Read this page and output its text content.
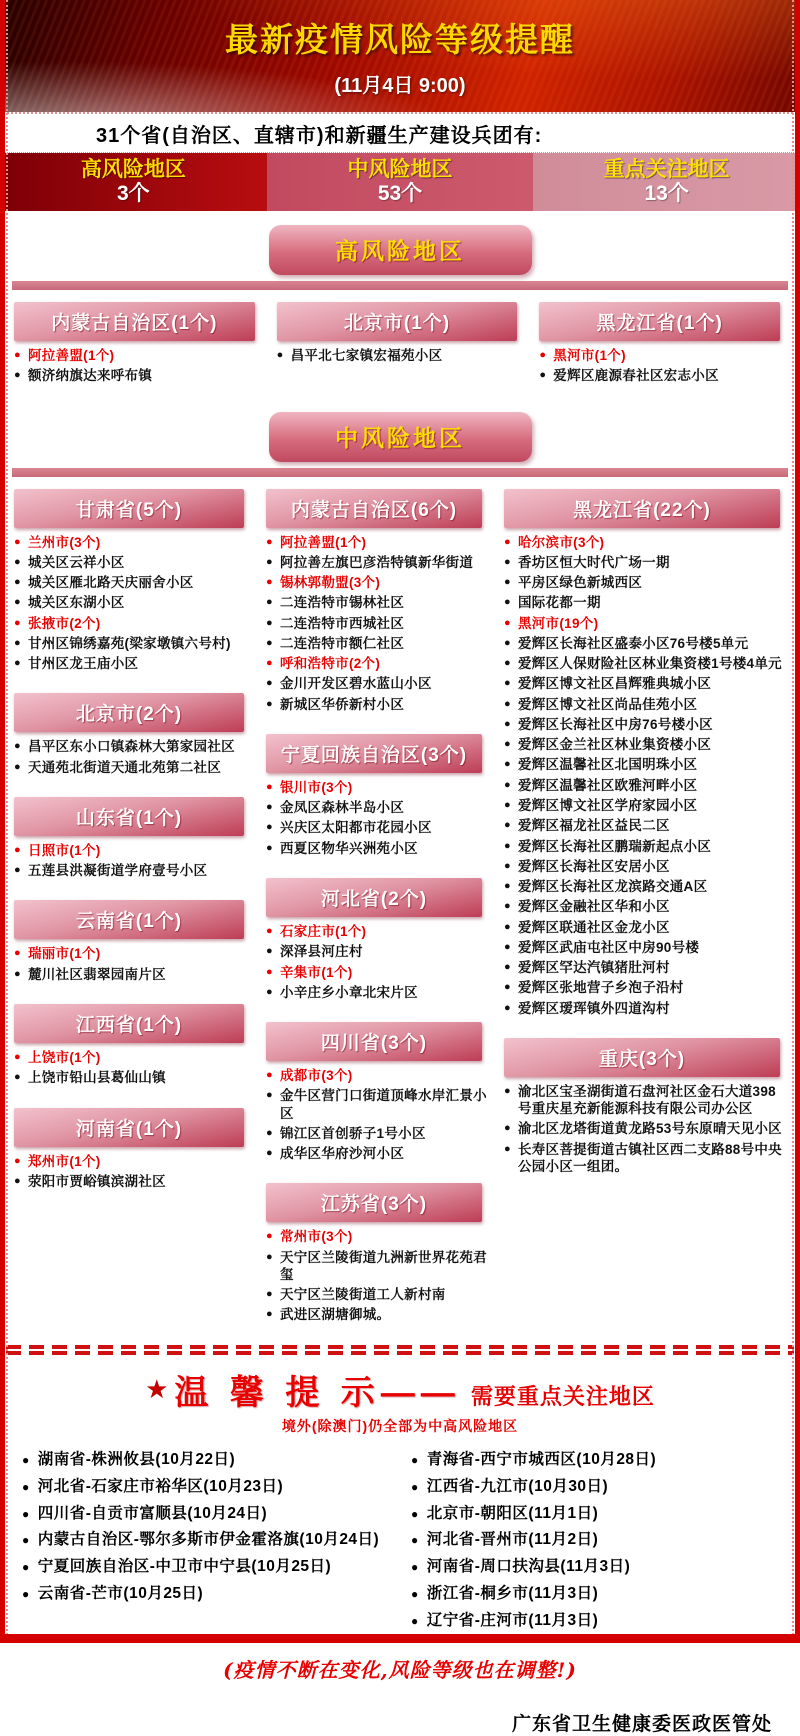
最新疫情风险等级提醒
(11月4日 9:00)
31个省(自治区、直辖市)和新疆生产建设兵团有:
高风险地区
3个
中风险地区
53个
重点关注地区
13个
高风险地区
内蒙古自治区(1个)
● 阿拉善盟(1个)
● 额济纳旗达来呼布镇
北京市(1个)
● 昌平北七家镇宏福苑小区
黑龙江省(1个)
● 黑河市(1个)
● 爱辉区鹿源春社区宏志小区
中风险地区
甘肃省(5个)
● 兰州市(3个)
● 城关区云祥小区
● 城关区雁北路天庆丽舍小区
● 城关区东湖小区
● 张掖市(2个)
● 甘州区锦绣嘉苑(梁家墩镇六号村)
● 甘州区龙王庙小区
北京市(2个)
● 昌平区东小口镇森林大第家园社区
● 天通苑北街道天通北苑第二社区
山东省(1个)
● 日照市(1个)
● 五莲县洪凝街道学府壹号小区
云南省(1个)
● 瑞丽市(1个)
● 麓川社区翡翠园南片区
江西省(1个)
● 上饶市(1个)
● 上饶市铅山县葛仙山镇
河南省(1个)
● 郑州市(1个)
● 荥阳市贾峪镇滨湖社区
内蒙古自治区(6个)
● 阿拉善盟(1个)
● 阿拉善左旗巴彦浩特镇新华街道
● 锡林郭勒盟(3个)
● 二连浩特市锡林社区
● 二连浩特市西城社区
● 二连浩特市额仁社区
● 呼和浩特市(2个)
● 金川开发区碧水蓝山小区
● 新城区华侨新村小区
宁夏回族自治区(3个)
● 银川市(3个)
● 金凤区森林半岛小区
● 兴庆区太阳都市花园小区
● 西夏区物华兴洲苑小区
河北省(2个)
● 石家庄市(1个)
● 深泽县河庄村
● 辛集市(1个)
● 小辛庄乡小章北宋片区
四川省(3个)
● 成都市(3个)
● 金牛区营门口街道顶峰水岸汇景小区
● 锦江区首创骄子1号小区
● 成华区华府沙河小区
江苏省(3个)
● 常州市(3个)
● 天宁区兰陵街道九洲新世界花苑君玺
● 天宁区兰陵街道工人新村南
● 武进区湖塘御城。
黑龙江省(22个)
● 哈尔滨市(3个)
● 香坊区恒大时代广场一期
● 平房区绿色新城西区
● 国际花都一期
● 黑河市(19个)
● 爱辉区长海社区盛泰小区76号楼5单元
● 爱辉区人保财险社区林业集资楼1号楼4单元
● 爱辉区博文社区昌辉雅典城小区
● 爱辉区博文社区尚品佳苑小区
● 爱辉区长海社区中房76号楼小区
● 爱辉区金兰社区林业集资楼小区
● 爱辉区温馨社区北国明珠小区
● 爱辉区温馨社区欧雅河畔小区
● 爱辉区博文社区学府家园小区
● 爱辉区福龙社区益民二区
● 爱辉区长海社区鹏瑞新起点小区
● 爱辉区长海社区安居小区
● 爱辉区长海社区龙滨路交通A区
● 爱辉区金融社区华和小区
● 爱辉区联通社区金龙小区
● 爱辉区武庙屯社区中房90号楼
● 爱辉区罕达汽镇猪肚河村
● 爱辉区张地营子乡泡子沿村
● 爱辉区瑷珲镇外四道沟村
重庆(3个)
● 渝北区宝圣湖街道石盘河社区金石大道398号重庆星充新能源科技有限公司办公区
● 渝北区龙塔街道黄龙路53号东原晴天见小区
● 长寿区菩提街道古镇社区西二支路88号中央公园小区一组团。
★ 温 馨 提 示—— 需要重点关注地区
境外(除澳门)仍全部为中高风险地区
● 湖南省-株洲攸县(10月22日)
● 河北省-石家庄市裕华区(10月23日)
● 四川省-自贡市富顺县(10月24日)
● 内蒙古自治区-鄂尔多斯市伊金霍洛旗(10月24日)
● 宁夏回族自治区-中卫市中宁县(10月25日)
● 云南省-芒市(10月25日)
● 青海省-西宁市城西区(10月28日)
● 江西省-九江市(10月30日)
● 北京市-朝阳区(11月1日)
● 河北省-晋州市(11月2日)
● 河南省-周口扶沟县(11月3日)
● 浙江省-桐乡市(11月3日)
● 辽宁省-庄河市(11月3日)
(疫情不断在变化,风险等级也在调整!)
广东省卫生健康委医政医管处
